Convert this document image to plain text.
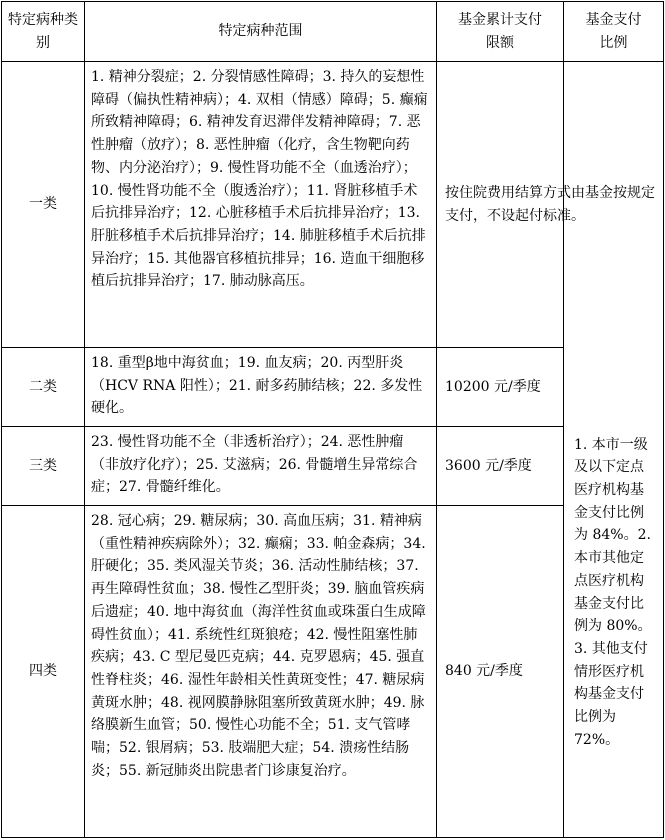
特定病种类别
特定病种范围
基金累计支付限额
基金支付比例
一类
1. 精神分裂症；2. 分裂情感性障碍；3. 持久的妄想性障碍（偏执性精神病）；4. 双相（情感）障碍；5. 癫痫所致精神障碍；6. 精神发育迟滞伴发精神障碍；7. 恶性肿瘤（放疗）；8. 恶性肿瘤（化疗，含生物靶向药物、内分泌治疗）；9. 慢性肾功能不全（血透治疗）；10. 慢性肾功能不全（腹透治疗）；11. 肾脏移植手术后抗排异治疗；12. 心脏移植手术后抗排异治疗；13. 肝脏移植手术后抗排异治疗；14. 肺脏移植手术后抗排异治疗；15. 其他器官移植抗排异；16. 造血干细胞移植后抗排异治疗；17. 肺动脉高压。
按住院费用结算方式由基金按规定支付，不设起付标准。
二类
18. 重型β地中海贫血；19. 血友病；20. 丙型肝炎（HCV RNA 阳性）；21. 耐多药肺结核；22. 多发性硬化。
10200 元/季度
三类
23. 慢性肾功能不全（非透析治疗）；24. 恶性肿瘤（非放疗化疗）；25. 艾滋病；26. 骨髓增生异常综合症；27. 骨髓纤维化。
3600 元/季度
四类
28. 冠心病；29. 糖尿病；30. 高血压病；31. 精神病（重性精神疾病除外）；32. 癫痫；33. 帕金森病；34. 肝硬化；35. 类风湿关节炎；36. 活动性肺结核；37. 再生障碍性贫血；38. 慢性乙型肝炎；39. 脑血管疾病后遗症；40. 地中海贫血（海洋性贫血或珠蛋白生成障碍性贫血）；41. 系统性红斑狼疮；42. 慢性阻塞性肺疾病；43. C 型尼曼匹克病；44. 克罗恩病；45. 强直性脊柱炎；46. 湿性年龄相关性黄斑变性；47. 糖尿病黄斑水肿；48. 视网膜静脉阻塞所致黄斑水肿；49. 脉络膜新生血管；50. 慢性心功能不全；51. 支气管哮喘；52. 银屑病；53. 肢端肥大症；54. 溃疡性结肠炎；55. 新冠肺炎出院患者门诊康复治疗。
840 元/季度
1. 本市一级及以下定点医疗机构基金支付比例为 84%。2. 本市其他定点医疗机构基金支付比例为 80%。3. 其他支付情形医疗机构基金支付比例为 72%。
